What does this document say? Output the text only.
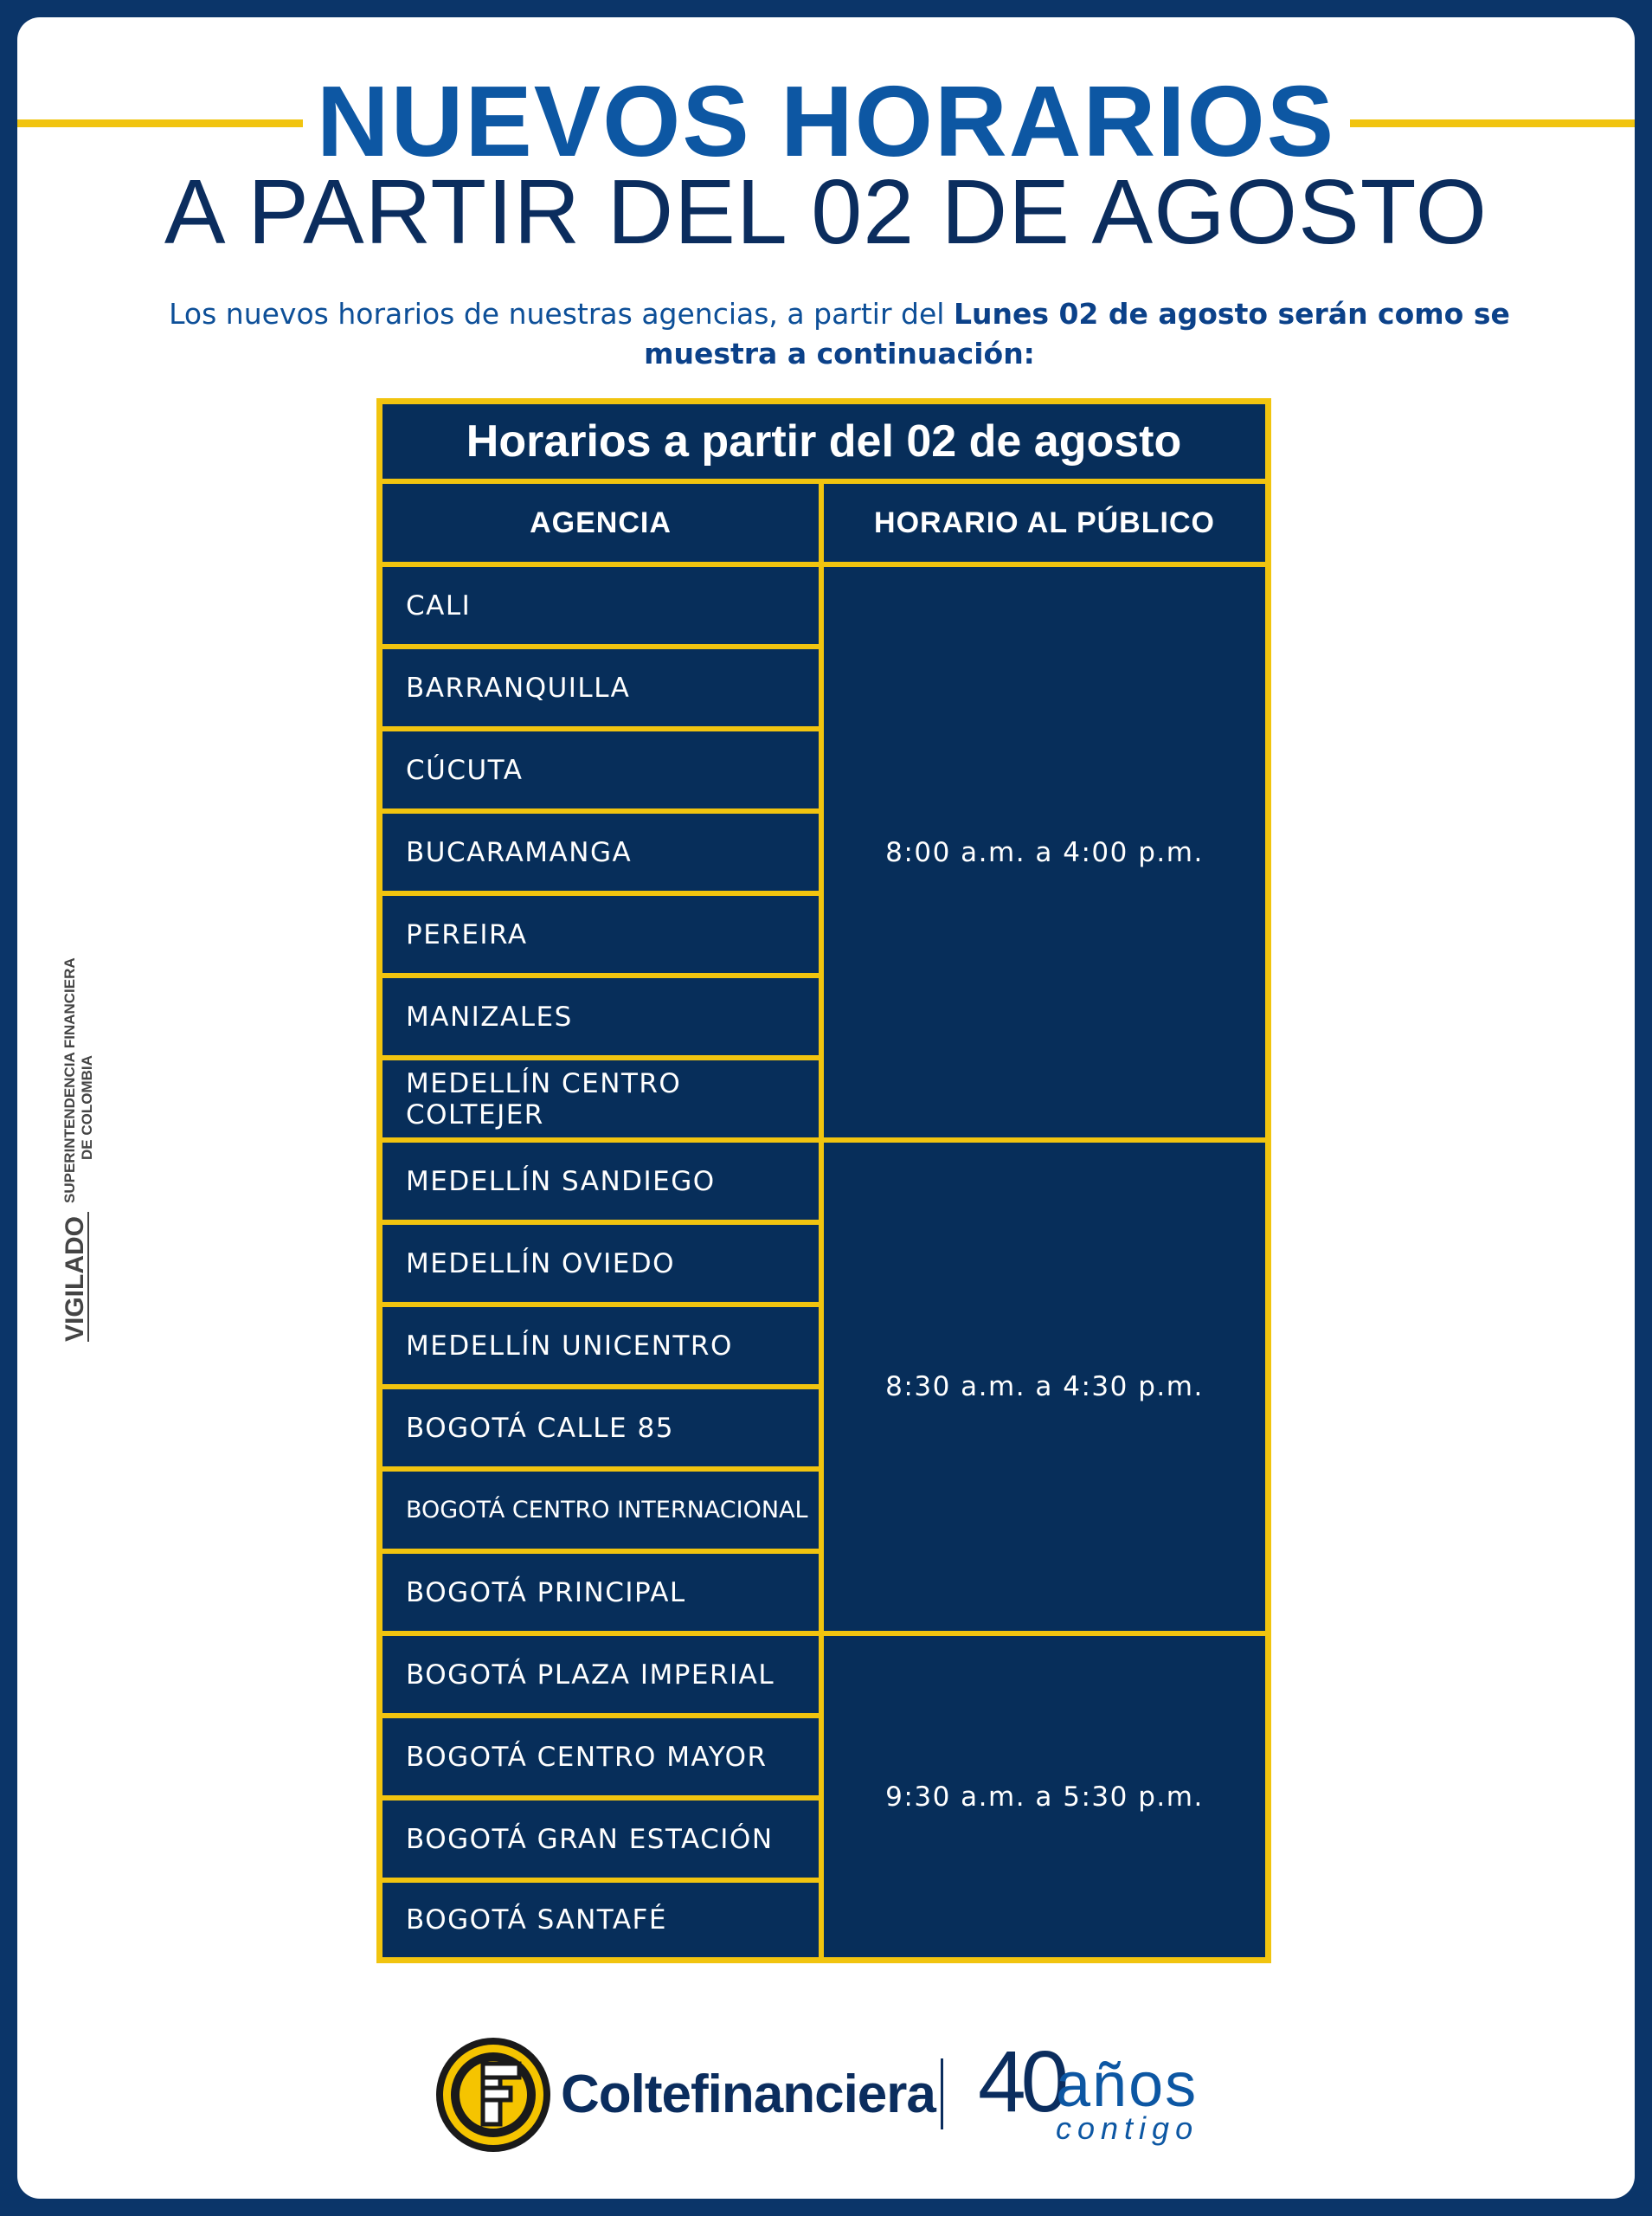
NUEVOS HORARIOS
A PARTIR DEL 02 DE AGOSTO
Los nuevos horarios de nuestras agencias, a partir del Lunes 02 de agosto serán como se muestra a continuación:
VIGILADO
SUPERINTENDENCIA FINANCIERA DE COLOMBIA
Horarios a partir del 02 de agosto
AGENCIA	HORARIO AL PÚBLICO
CALI
BARRANQUILLA
CÚCUTA
BUCARAMANGA
PEREIRA
MANIZALES
MEDELLÍN CENTRO COLTEJER
MEDELLÍN SANDIEGO
MEDELLÍN OVIEDO
MEDELLÍN UNICENTRO
BOGOTÁ CALLE 85
BOGOTÁ CENTRO INTERNACIONAL
BOGOTÁ PRINCIPAL
BOGOTÁ PLAZA IMPERIAL
BOGOTÁ CENTRO MAYOR
BOGOTÁ GRAN ESTACIÓN
BOGOTÁ SANTAFÉ
8:00 a.m. a 4:00 p.m.
8:30 a.m. a 4:30 p.m.
9:30 a.m. a 5:30 p.m.
Coltefinanciera 40
años
contigo
